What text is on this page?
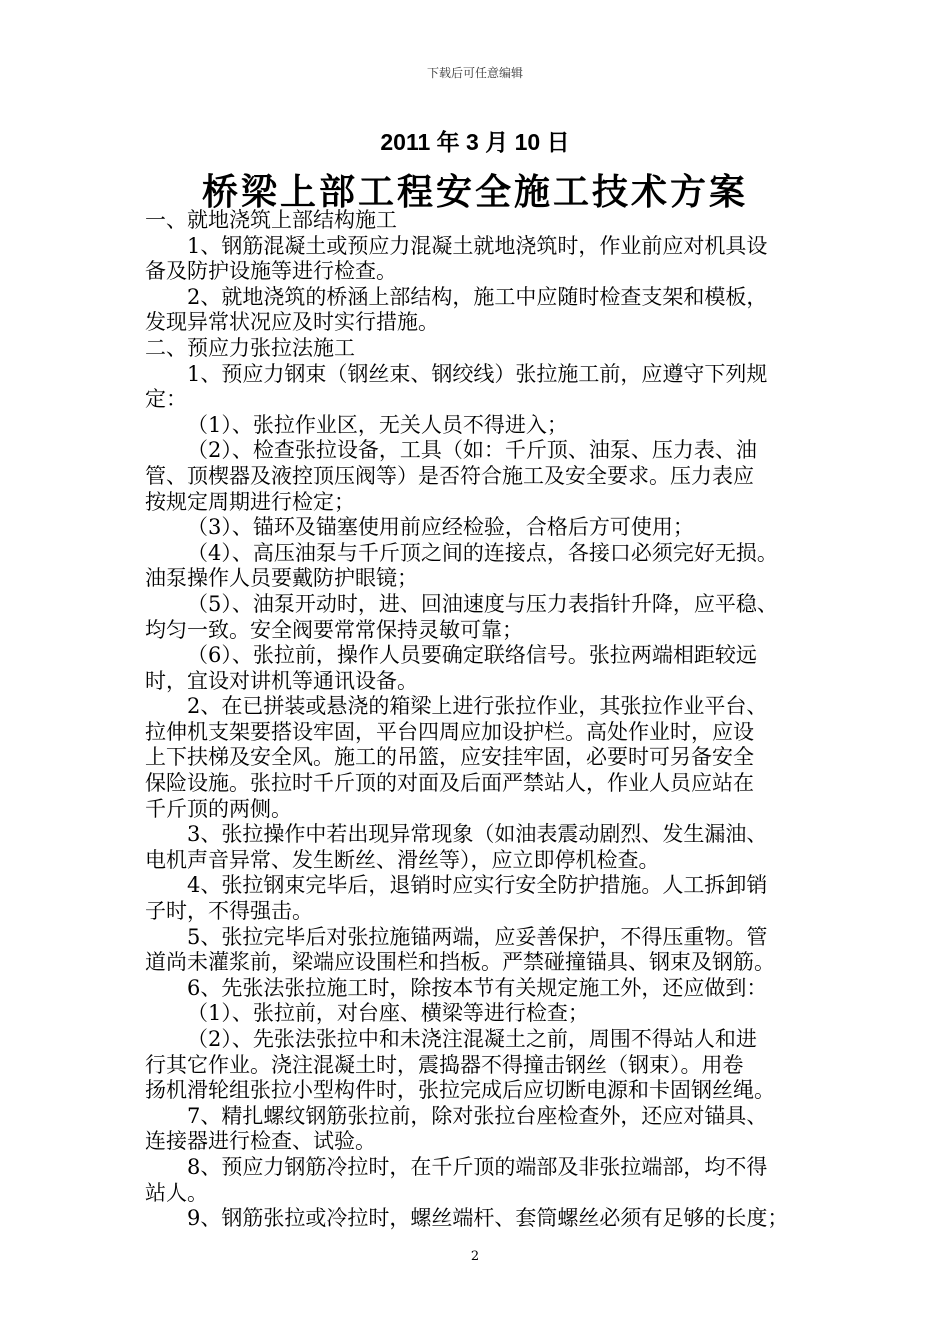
下载后可任意编辑
2011 年 3 月 10 日
桥梁上部工程安全施工技术方案
一、就地浇筑上部结构施工
1、钢筋混凝土或预应力混凝土就地浇筑时，作业前应对机具设
备及防护设施等进行检查。
2、就地浇筑的桥涵上部结构，施工中应随时检查支架和模板，
发现异常状况应及时实行措施。
二、预应力张拉法施工
1、预应力钢束（钢丝束、钢绞线）张拉施工前，应遵守下列规
定：
（1）、张拉作业区，无关人员不得进入；
（2）、检查张拉设备，工具（如：千斤顶、油泵、压力表、油
管、顶楔器及液控顶压阀等）是否符合施工及安全要求。压力表应
按规定周期进行检定；
（3）、锚环及锚塞使用前应经检验，合格后方可使用；
（4）、高压油泵与千斤顶之间的连接点，各接口必须完好无损。
油泵操作人员要戴防护眼镜；
（5）、油泵开动时，进、回油速度与压力表指针升降，应平稳、
均匀一致。安全阀要常常保持灵敏可靠；
（6）、张拉前，操作人员要确定联络信号。张拉两端相距较远
时，宜设对讲机等通讯设备。
2、在已拼装或悬浇的箱梁上进行张拉作业，其张拉作业平台、
拉伸机支架要搭设牢固，平台四周应加设护栏。高处作业时，应设
上下扶梯及安全风。施工的吊篮，应安挂牢固，必要时可另备安全
保险设施。张拉时千斤顶的对面及后面严禁站人，作业人员应站在
千斤顶的两侧。
3、张拉操作中若出现异常现象（如油表震动剧烈、发生漏油、
电机声音异常、发生断丝、滑丝等），应立即停机检查。
4、张拉钢束完毕后，退销时应实行安全防护措施。人工拆卸销
子时，不得强击。
5、张拉完毕后对张拉施锚两端，应妥善保护，不得压重物。管
道尚未灌浆前，梁端应设围栏和挡板。严禁碰撞锚具、钢束及钢筋。
6、先张法张拉施工时，除按本节有关规定施工外，还应做到：
（1）、张拉前，对台座、横梁等进行检查；
（2）、先张法张拉中和未浇注混凝土之前，周围不得站人和进
行其它作业。浇注混凝土时，震捣器不得撞击钢丝（钢束）。用卷
扬机滑轮组张拉小型构件时，张拉完成后应切断电源和卡固钢丝绳。
7、精扎螺纹钢筋张拉前，除对张拉台座检查外，还应对锚具、
连接器进行检查、试验。
8、预应力钢筋冷拉时，在千斤顶的端部及非张拉端部，均不得
站人。
9、钢筋张拉或冷拉时，螺丝端杆、套筒螺丝必须有足够的长度；
2
